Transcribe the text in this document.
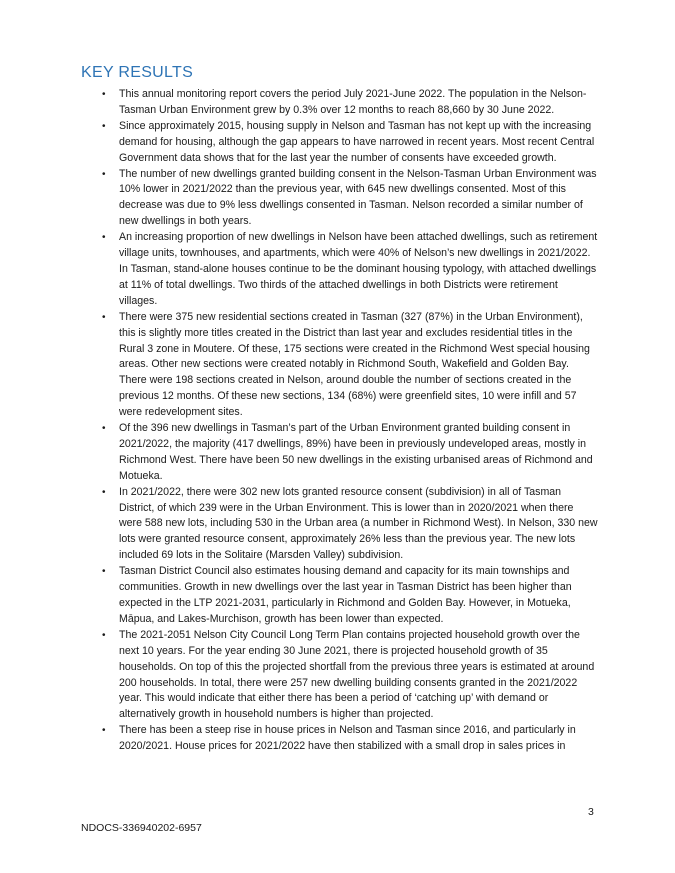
KEY RESULTS
• This annual monitoring report covers the period July 2021-June 2022. The population in the Nelson-Tasman Urban Environment grew by 0.3% over 12 months to reach 88,660 by 30 June 2022.
• Since approximately 2015, housing supply in Nelson and Tasman has not kept up with the increasing demand for housing, although the gap appears to have narrowed in recent years. Most recent Central Government data shows that for the last year the number of consents have exceeded growth.
• The number of new dwellings granted building consent in the Nelson-Tasman Urban Environment was 10% lower in 2021/2022 than the previous year, with 645 new dwellings consented. Most of this decrease was due to 9% less dwellings consented in Tasman. Nelson recorded a similar number of new dwellings in both years.
• An increasing proportion of new dwellings in Nelson have been attached dwellings, such as retirement village units, townhouses, and apartments, which were 40% of Nelson’s new dwellings in 2021/2022. In Tasman, stand-alone houses continue to be the dominant housing typology, with attached dwellings at 11% of total dwellings. Two thirds of the attached dwellings in both Districts were retirement villages.
• There were 375 new residential sections created in Tasman (327 (87%) in the Urban Environment), this is slightly more titles created in the District than last year and excludes residential titles in the Rural 3 zone in Moutere. Of these, 175 sections were created in the Richmond West special housing areas. Other new sections were created notably in Richmond South, Wakefield and Golden Bay. There were 198 sections created in Nelson, around double the number of sections created in the previous 12 months. Of these new sections, 134 (68%) were greenfield sites, 10 were infill and 57 were redevelopment sites.
• Of the 396 new dwellings in Tasman’s part of the Urban Environment granted building consent in 2021/2022, the majority (417 dwellings, 89%) have been in previously undeveloped areas, mostly in Richmond West. There have been 50 new dwellings in the existing urbanised areas of Richmond and Motueka.
• In 2021/2022, there were 302 new lots granted resource consent (subdivision) in all of Tasman District, of which 239 were in the Urban Environment. This is lower than in 2020/2021 when there were 588 new lots, including 530 in the Urban area (a number in Richmond West). In Nelson, 330 new lots were granted resource consent, approximately 26% less than the previous year. The new lots included 69 lots in the Solitaire (Marsden Valley) subdivision.
• Tasman District Council also estimates housing demand and capacity for its main townships and communities. Growth in new dwellings over the last year in Tasman District has been higher than expected in the LTP 2021-2031, particularly in Richmond and Golden Bay. However, in Motueka, Māpua, and Lakes-Murchison, growth has been lower than expected.
• The 2021-2051 Nelson City Council Long Term Plan contains projected household growth over the next 10 years. For the year ending 30 June 2021, there is projected household growth of 35 households. On top of this the projected shortfall from the previous three years is estimated at around 200 households. In total, there were 257 new dwelling building consents granted in the 2021/2022 year. This would indicate that either there has been a period of ‘catching up’ with demand or alternatively growth in household numbers is higher than projected.
• There has been a steep rise in house prices in Nelson and Tasman since 2016, and particularly in 2020/2021. House prices for 2021/2022 have then stabilized with a small drop in sales prices in
3
NDOCS-336940202-6957
